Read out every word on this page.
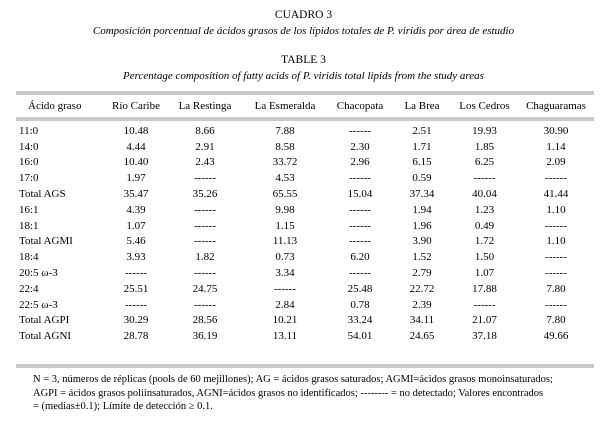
CUADRO 3
Composición porcentual de ácidos grasos de los lípidos totales de P. viridis por área de estudio
TABLE 3
Percentage composition of fatty acids of P. viridis total lipids from the study areas
Ácido graso	Río Caribe	La Restinga	La Esmeralda	Chacopata	La Brea	Los Cedros	Chaguaramas
11:0	10.48	8.66	7.88	------	2.51	19.93	30.90
14:0	4.44	2.91	8.58	2.30	1.71	1.85	1.14
16:0	10.40	2.43	33.72	2.96	6.15	6.25	2.09
17:0	1.97	------	4.53	------	0.59	------	------
Total AGS	35.47	35.26	65.55	15.04	37.34	40.04	41.44
16:1	4.39	------	9.98	------	1.94	1.23	1.10
18:1	1.07	------	1.15	------	1.96	0.49	------
Total AGMI	5.46	------	11.13	------	3.90	1.72	1.10
18:4	3.93	1.82	0.73	6.20	1.52	1.50	------
20:5 ω-3	------	------	3.34	------	2.79	1.07	------
22:4	25.51	24.75	------	25.48	22.72	17.88	7.80
22:5 ω-3	------	------	2.84	0.78	2.39	------	------
Total AGPI	30.29	28.56	10.21	33.24	34.11	21.07	7.80
Total AGNI	28.78	36.19	13.11	54.01	24.65	37.18	49.66

N = 3, números de réplicas (pools de 60 mejillones); AG = ácidos grasos saturados; AGMI=ácidos grasos monoinsaturados;

AGPI = ácidos grasos poliinsaturados, AGNI=ácidos grasos no identificados; -------- = no detectado; Valores encontrados

= (medias±0.1); Límite de detección ≥ 0.1.
